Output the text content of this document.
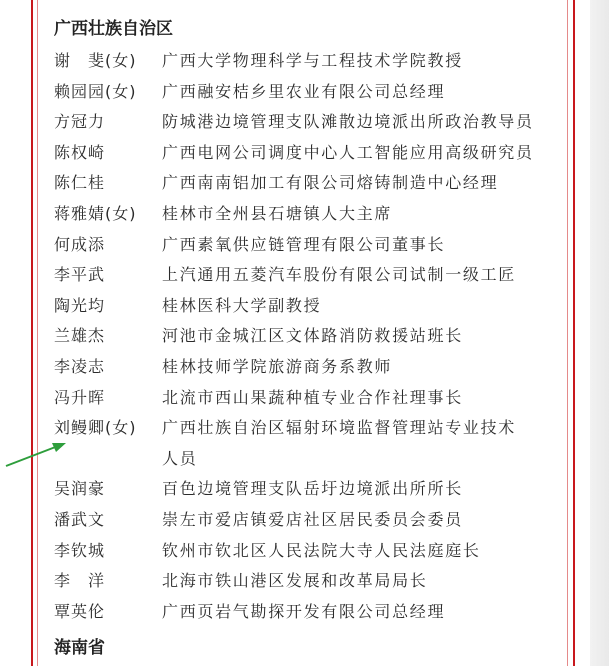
广西壮族自治区
谢　斐(女) 广西大学物理科学与工程技术学院教授
赖园园(女) 广西融安桔乡里农业有限公司总经理
方冠力	防城港边境管理支队滩散边境派出所政治教导员
陈权崎	广西电网公司调度中心人工智能应用高级研究员
陈仁桂	广西南南铝加工有限公司熔铸制造中心经理
蒋雅婧(女) 桂林市全州县石塘镇人大主席
何成添	广西素氧供应链管理有限公司董事长
李平武	上汽通用五菱汽车股份有限公司试制一级工匠
陶光均	桂林医科大学副教授
兰雄杰	河池市金城江区文体路消防救援站班长
李凌志	桂林技师学院旅游商务系教师
冯升晖	北流市西山果蔬种植专业合作社理事长
刘鳗卿(女) 广西壮族自治区辐射环境监督管理站专业技术
人员
吴润豪	百色边境管理支队岳圩边境派出所所长
潘武文	崇左市爱店镇爱店社区居民委员会委员
李钦城	钦州市钦北区人民法院大寺人民法庭庭长
李　洋	北海市铁山港区发展和改革局局长
覃英伦	广西页岩气勘探开发有限公司总经理
海南省
